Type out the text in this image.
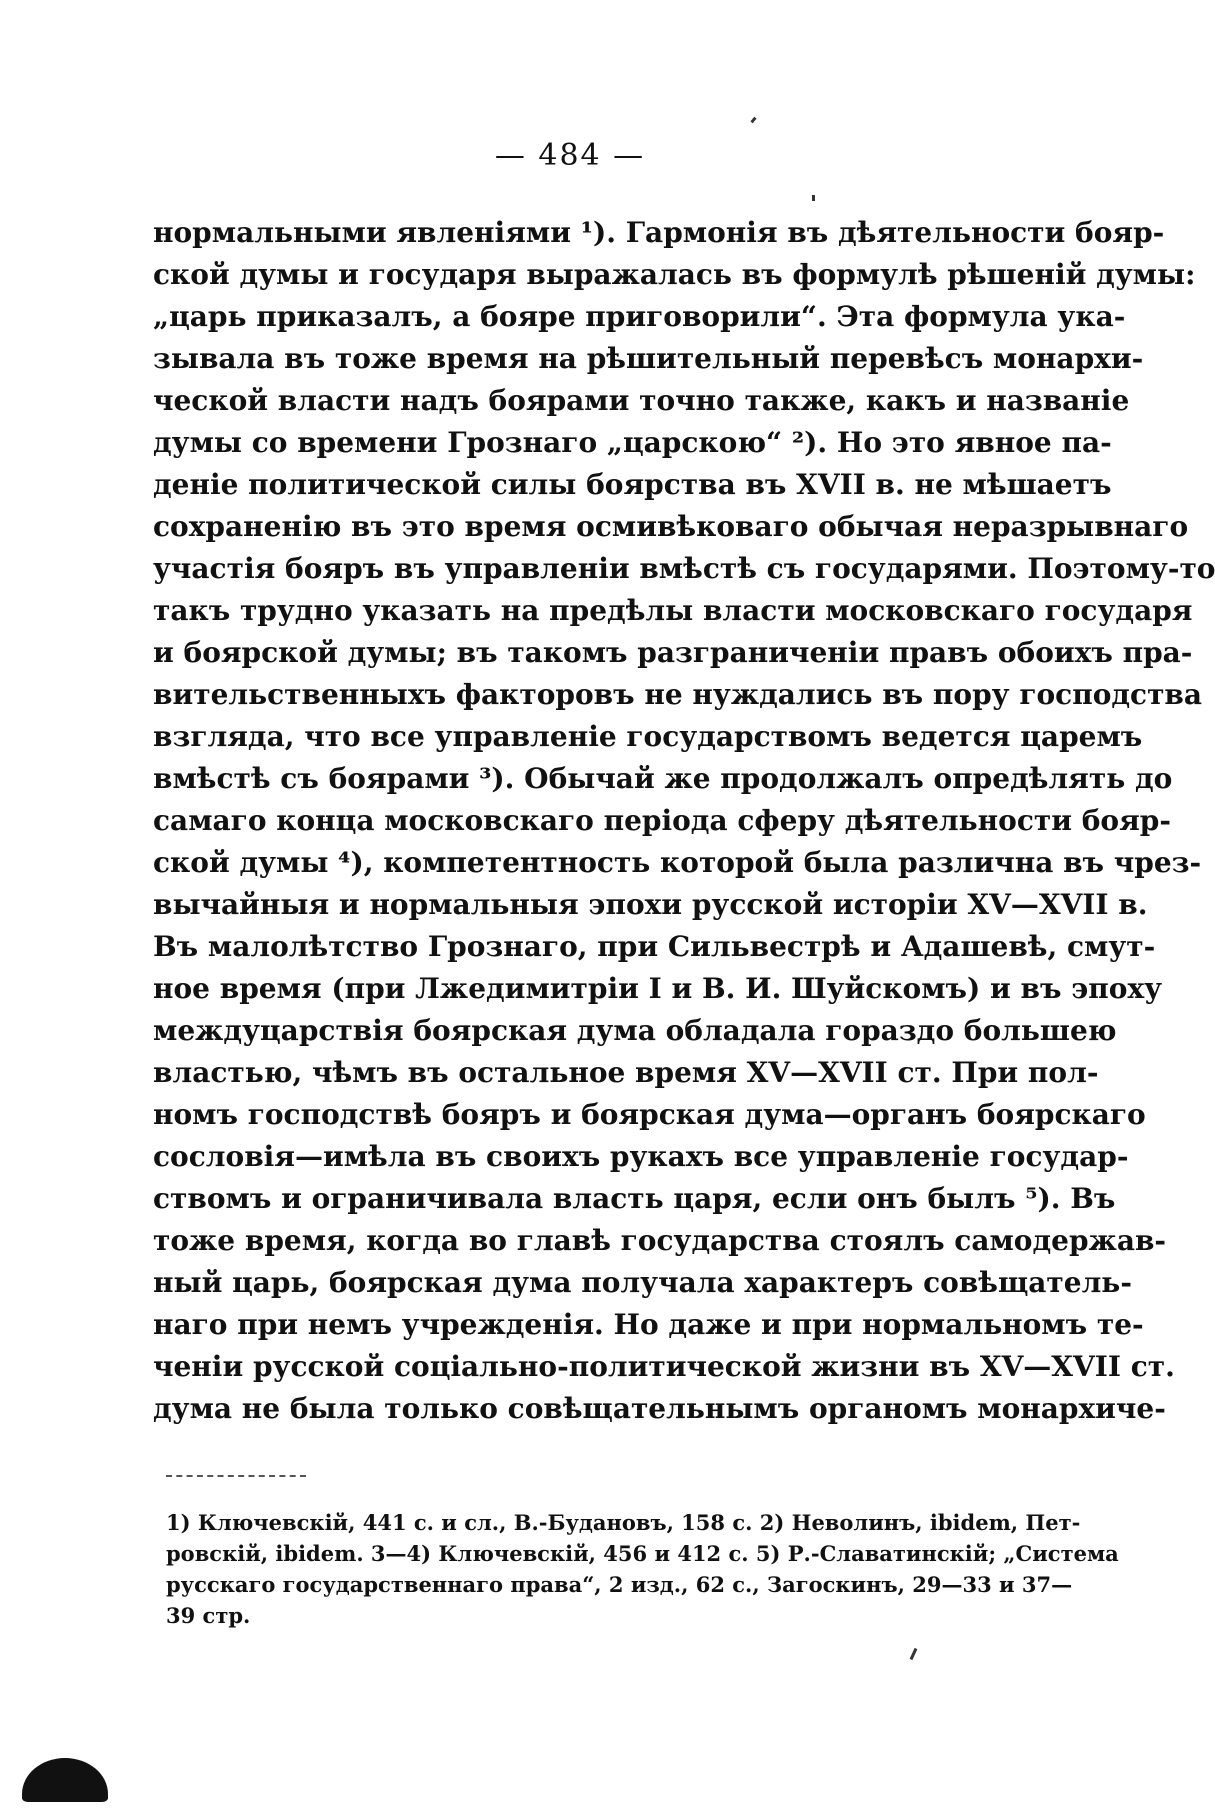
— 484 —
нормальными явленіями ¹). Гармонія въ дѣятельности бояр-
ской думы и государя выражалась въ формулѣ рѣшеній думы:
„царь приказалъ, а бояре приговорили“. Эта формула ука-
зывала въ тоже время на рѣшительный перевѣсъ монархи-
ческой власти надъ боярами точно также, какъ и названіе
думы со времени Грознаго „царскою“ ²). Но это явное па-
деніе политической силы боярства въ XVII в. не мѣшаетъ
сохраненію въ это время осмивѣковаго обычая неразрывнаго
участія бояръ въ управленіи вмѣстѣ съ государями. Поэтому-то
такъ трудно указать на предѣлы власти московскаго государя
и боярской думы; въ такомъ разграниченіи правъ обоихъ пра-
вительственныхъ факторовъ не нуждались въ пору господства
взгляда, что все управленіе государствомъ ведется царемъ
вмѣстѣ съ боярами ³). Обычай же продолжалъ опредѣлять до
самаго конца московскаго періода сферу дѣятельности бояр-
ской думы ⁴), компетентность которой была различна въ чрез-
вычайныя и нормальныя эпохи русской исторіи XV—XVII в.
Въ малолѣтство Грознаго, при Сильвестрѣ и Адашевѣ, смут-
ное время (при Лжедимитріи I и В. И. Шуйскомъ) и въ эпоху
междуцарствія боярская дума обладала гораздо большею
властью, чѣмъ въ остальное время XV—XVII ст. При пол-
номъ господствѣ бояръ и боярская дума—органъ боярскаго
сословія—имѣла въ своихъ рукахъ все управленіе государ-
ствомъ и ограничивала власть царя, если онъ былъ ⁵). Въ
тоже время, когда во главѣ государства стоялъ самодержав-
ный царь, боярская дума получала характеръ совѣщатель-
наго при немъ учрежденія. Но даже и при нормальномъ те-
ченіи русской соціально-политической жизни въ XV—XVII ст.
дума не была только совѣщательнымъ органомъ монархиче-
1) Ключевскій, 441 с. и сл., В.-Будановъ, 158 с. 2) Неволинъ, ibidem, Пет-
ровскій, ibidem. 3—4) Ключевскій, 456 и 412 с. 5) Р.-Славатинскій; „Система
русскаго государственнаго права“, 2 изд., 62 с., Загоскинъ, 29—33 и 37—
39 стр.
